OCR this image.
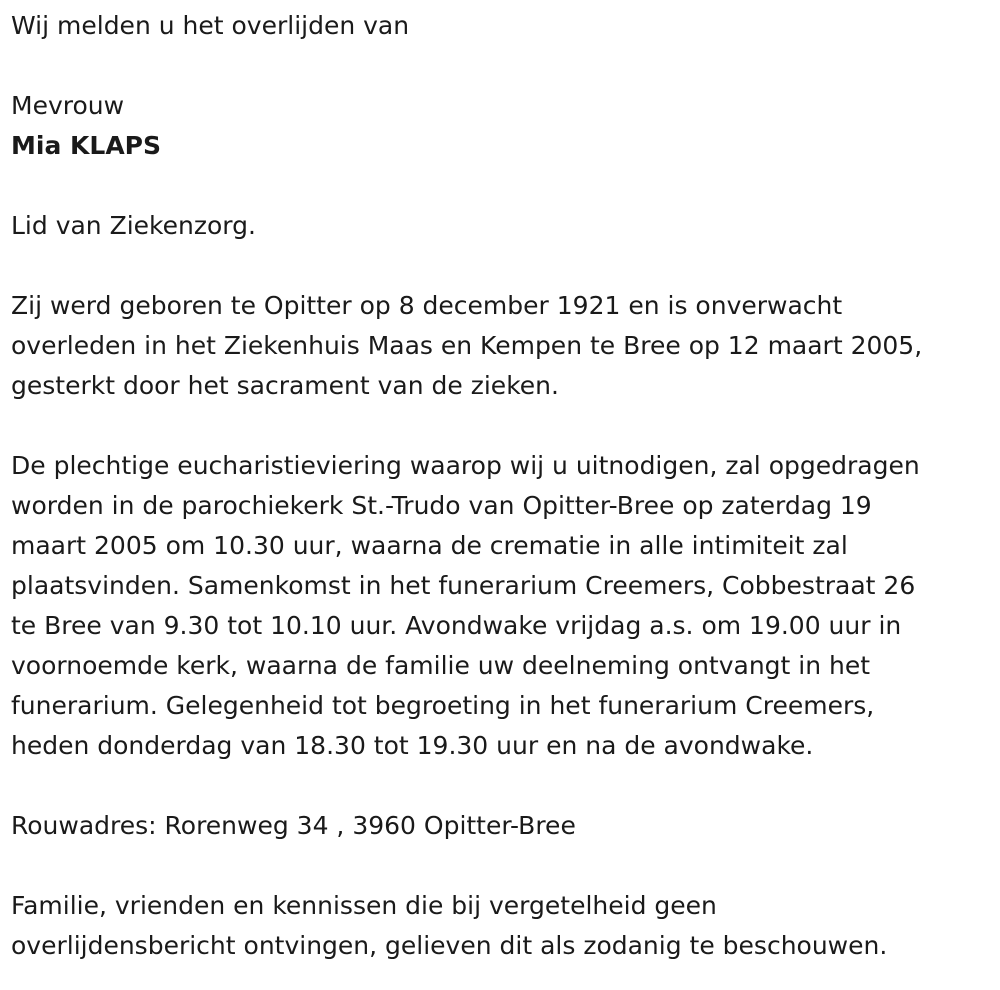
Wij melden u het overlijden van
Mevrouw
Mia KLAPS
Lid van Ziekenzorg.
Zij werd geboren te Opitter op 8 december 1921 en is onverwacht
overleden in het Ziekenhuis Maas en Kempen te Bree op 12 maart 2005,
gesterkt door het sacrament van de zieken.
De plechtige eucharistieviering waarop wij u uitnodigen, zal opgedragen
worden in de parochiekerk St.-Trudo van Opitter-Bree op zaterdag 19
maart 2005 om 10.30 uur, waarna de crematie in alle intimiteit zal
plaatsvinden. Samenkomst in het funerarium Creemers, Cobbestraat 26
te Bree van 9.30 tot 10.10 uur. Avondwake vrijdag a.s. om 19.00 uur in
voornoemde kerk, waarna de familie uw deelneming ontvangt in het
funerarium. Gelegenheid tot begroeting in het funerarium Creemers,
heden donderdag van 18.30 tot 19.30 uur en na de avondwake.
Rouwadres: Rorenweg 34 , 3960 Opitter-Bree
Familie, vrienden en kennissen die bij vergetelheid geen
overlijdensbericht ontvingen, gelieven dit als zodanig te beschouwen.
